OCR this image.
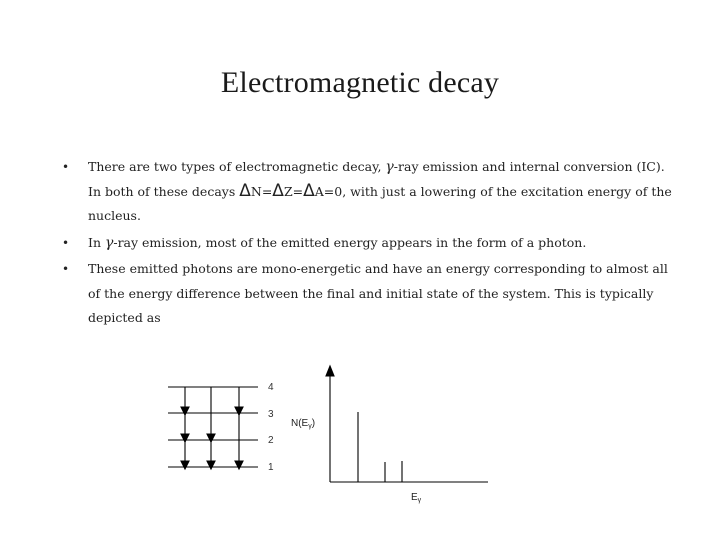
Electromagnetic decay
• There are two types of electromagnetic decay, γ-ray emission and internal conversion (IC). In both of these decays ΔN=ΔZ=ΔA=0, with just a lowering of the excitation energy of the nucleus.
• In γ-ray emission, most of the emitted energy appears in the form of a photon.
• These emitted photons are mono-energetic and have an energy corresponding to almost all of the energy difference between the final and initial state of the system. This is typically depicted as
4
3
2
1
$N(E_\gamma)$
$E_\gamma$
